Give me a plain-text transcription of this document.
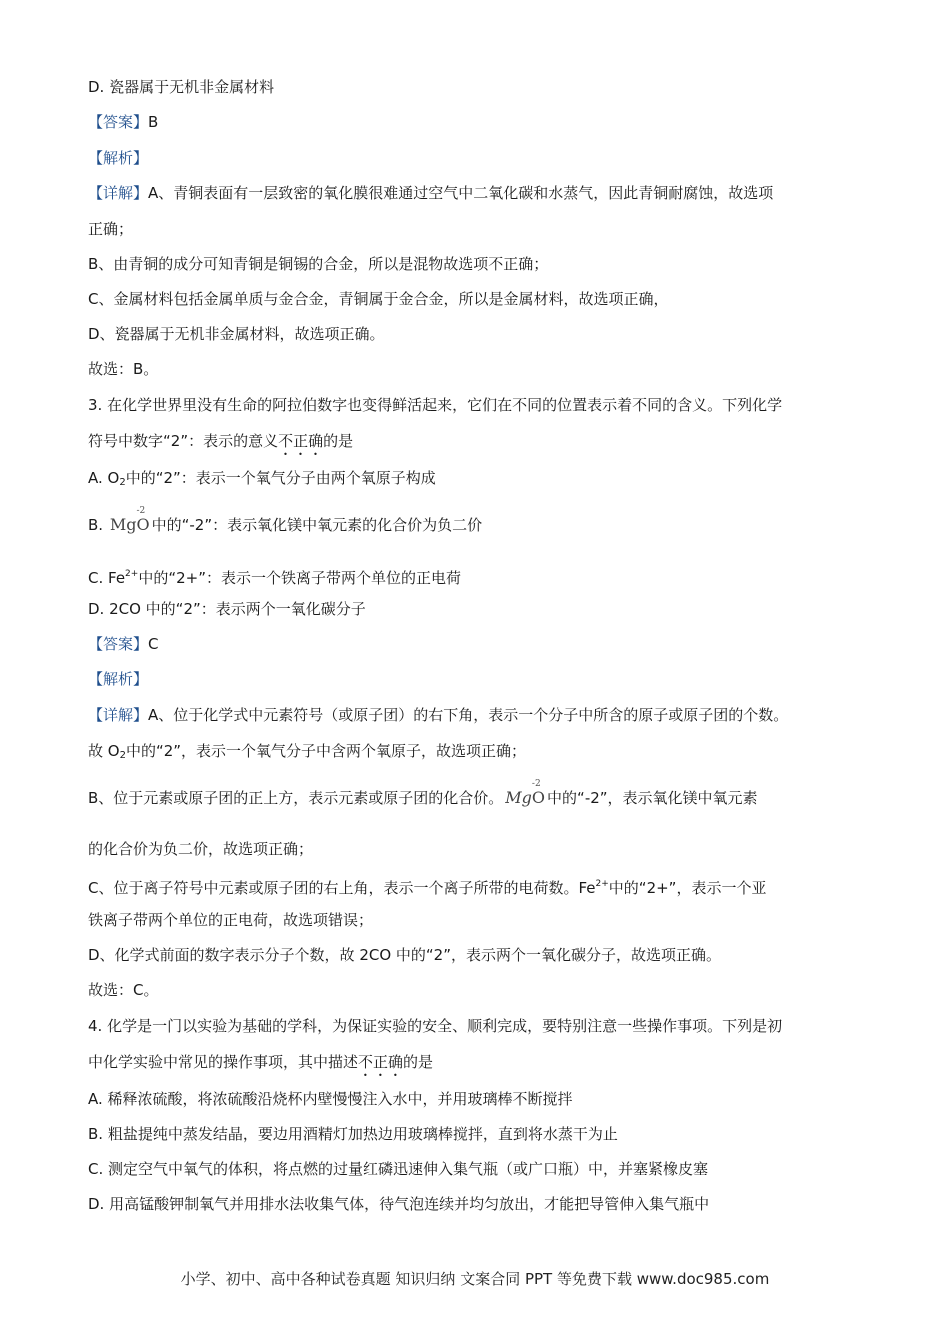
D. 瓷器属于无机非金属材料
【答案】B
【解析】
【详解】A、青铜表面有一层致密的氧化膜很难通过空气中二氧化碳和水蒸气，因此青铜耐腐蚀，故选项
正确；
B、由青铜的成分可知青铜是铜锡的合金，所以是混物故选项不正确；
C、金属材料包括金属单质与金合金，青铜属于金合金，所以是金属材料，故选项正确，
D、瓷器属于无机非金属材料，故选项正确。
故选：B。
3. 在化学世界里没有生命的阿拉伯数字也变得鲜活起来，它们在不同的位置表示着不同的含义。下列化学
符号中数字“2”：表示的意义不正确的是
A. $O_2$中的“2”：表示一个氧气分子由两个氧原子构成
B. Mg
-2
O 中的“-2”：表示氧化镁中氧元素的化合价为负二价
C. $Fe^{2+}$中的“2+”：表示一个铁离子带两个单位的正电荷
D. 2CO 中的“2”：表示两个一氧化碳分子
【答案】C
【解析】
【详解】A、位于化学式中元素符号（或原子团）的右下角，表示一个分子中所含的原子或原子团的个数。
故 $O_2$中的“2”，表示一个氧气分子中含两个氧原子，故选项正确；
B、位于元素或原子团的正上方，表示元素或原子团的化合价。 Mg
-2
O 中的“-2”，表示氧化镁中氧元素
的化合价为负二价，故选项正确；
C、位于离子符号中元素或原子团的右上角，表示一个离子所带的电荷数。$Fe^{2+}$中的“2+”，表示一个亚
铁离子带两个单位的正电荷，故选项错误；
D、化学式前面的数字表示分子个数，故 2CO 中的“2”，表示两个一氧化碳分子，故选项正确。
故选：C。
4. 化学是一门以实验为基础的学科，为保证实验的安全、顺利完成，要特别注意一些操作事项。下列是初
中化学实验中常见的操作事项，其中描述不正确的是
A. 稀释浓硫酸，将浓硫酸沿烧杯内壁慢慢注入水中，并用玻璃棒不断搅拌
B. 粗盐提纯中蒸发结晶，要边用酒精灯加热边用玻璃棒搅拌，直到将水蒸干为止
C. 测定空气中氧气的体积，将点燃的过量红磷迅速伸入集气瓶（或广口瓶）中，并塞紧橡皮塞
D. 用高锰酸钾制氧气并用排水法收集气体，待气泡连续并均匀放出，才能把导管伸入集气瓶中
小学、初中、高中各种试卷真题 知识归纳 文案合同 PPT 等免费下载 www.doc985.com
